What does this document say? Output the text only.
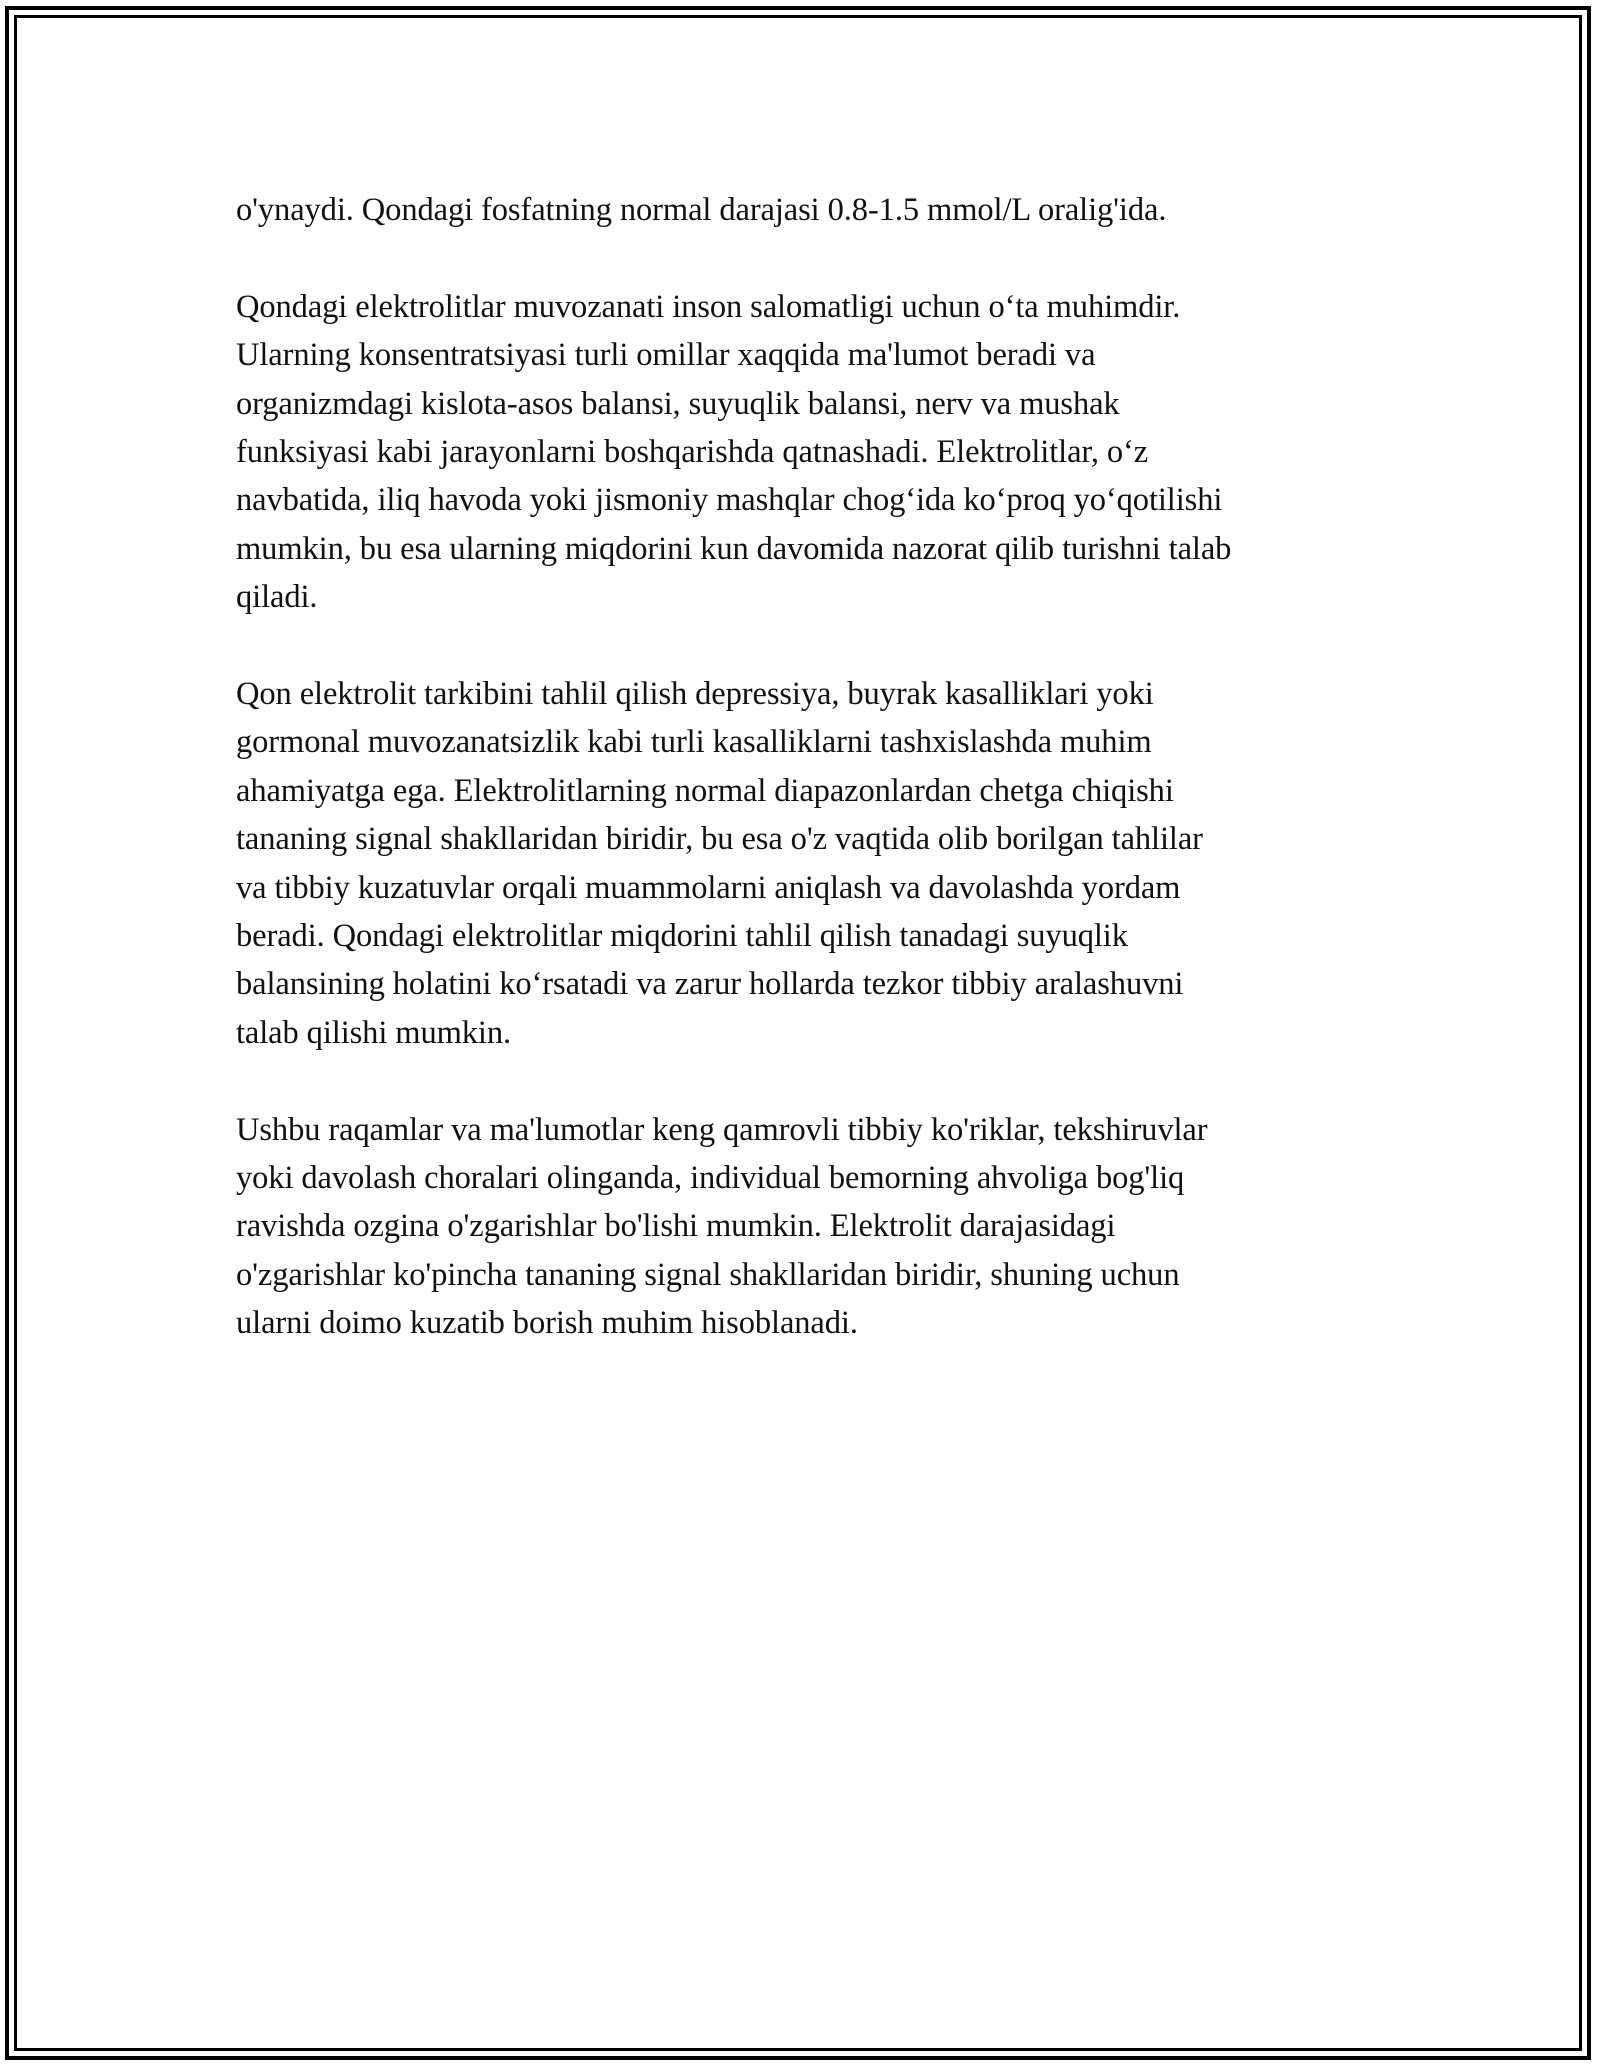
o'ynaydi. Qondagi fosfatning normal darajasi 0.8-1.5 mmol/L oralig'ida.

Qondagi elektrolitlar muvozanati inson salomatligi uchun o‘ta muhimdir.
Ularning konsentratsiyasi turli omillar xaqqida ma'lumot beradi va
organizmdagi kislota-asos balansi, suyuqlik balansi, nerv va mushak
funksiyasi kabi jarayonlarni boshqarishda qatnashadi. Elektrolitlar, o‘z
navbatida, iliq havoda yoki jismoniy mashqlar chog‘ida ko‘proq yo‘qotilishi
mumkin, bu esa ularning miqdorini kun davomida nazorat qilib turishni talab
qiladi.

Qon elektrolit tarkibini tahlil qilish depressiya, buyrak kasalliklari yoki
gormonal muvozanatsizlik kabi turli kasalliklarni tashxislashda muhim
ahamiyatga ega. Elektrolitlarning normal diapazonlardan chetga chiqishi
tananing signal shakllaridan biridir, bu esa o'z vaqtida olib borilgan tahlilar
va tibbiy kuzatuvlar orqali muammolarni aniqlash va davolashda yordam
beradi. Qondagi elektrolitlar miqdorini tahlil qilish tanadagi suyuqlik
balansining holatini ko‘rsatadi va zarur hollarda tezkor tibbiy aralashuvni
talab qilishi mumkin.

Ushbu raqamlar va ma'lumotlar keng qamrovli tibbiy ko'riklar, tekshiruvlar
yoki davolash choralari olinganda, individual bemorning ahvoliga bog'liq
ravishda ozgina o'zgarishlar bo'lishi mumkin. Elektrolit darajasidagi
o'zgarishlar ko'pincha tananing signal shakllaridan biridir, shuning uchun
ularni doimo kuzatib borish muhim hisoblanadi.
